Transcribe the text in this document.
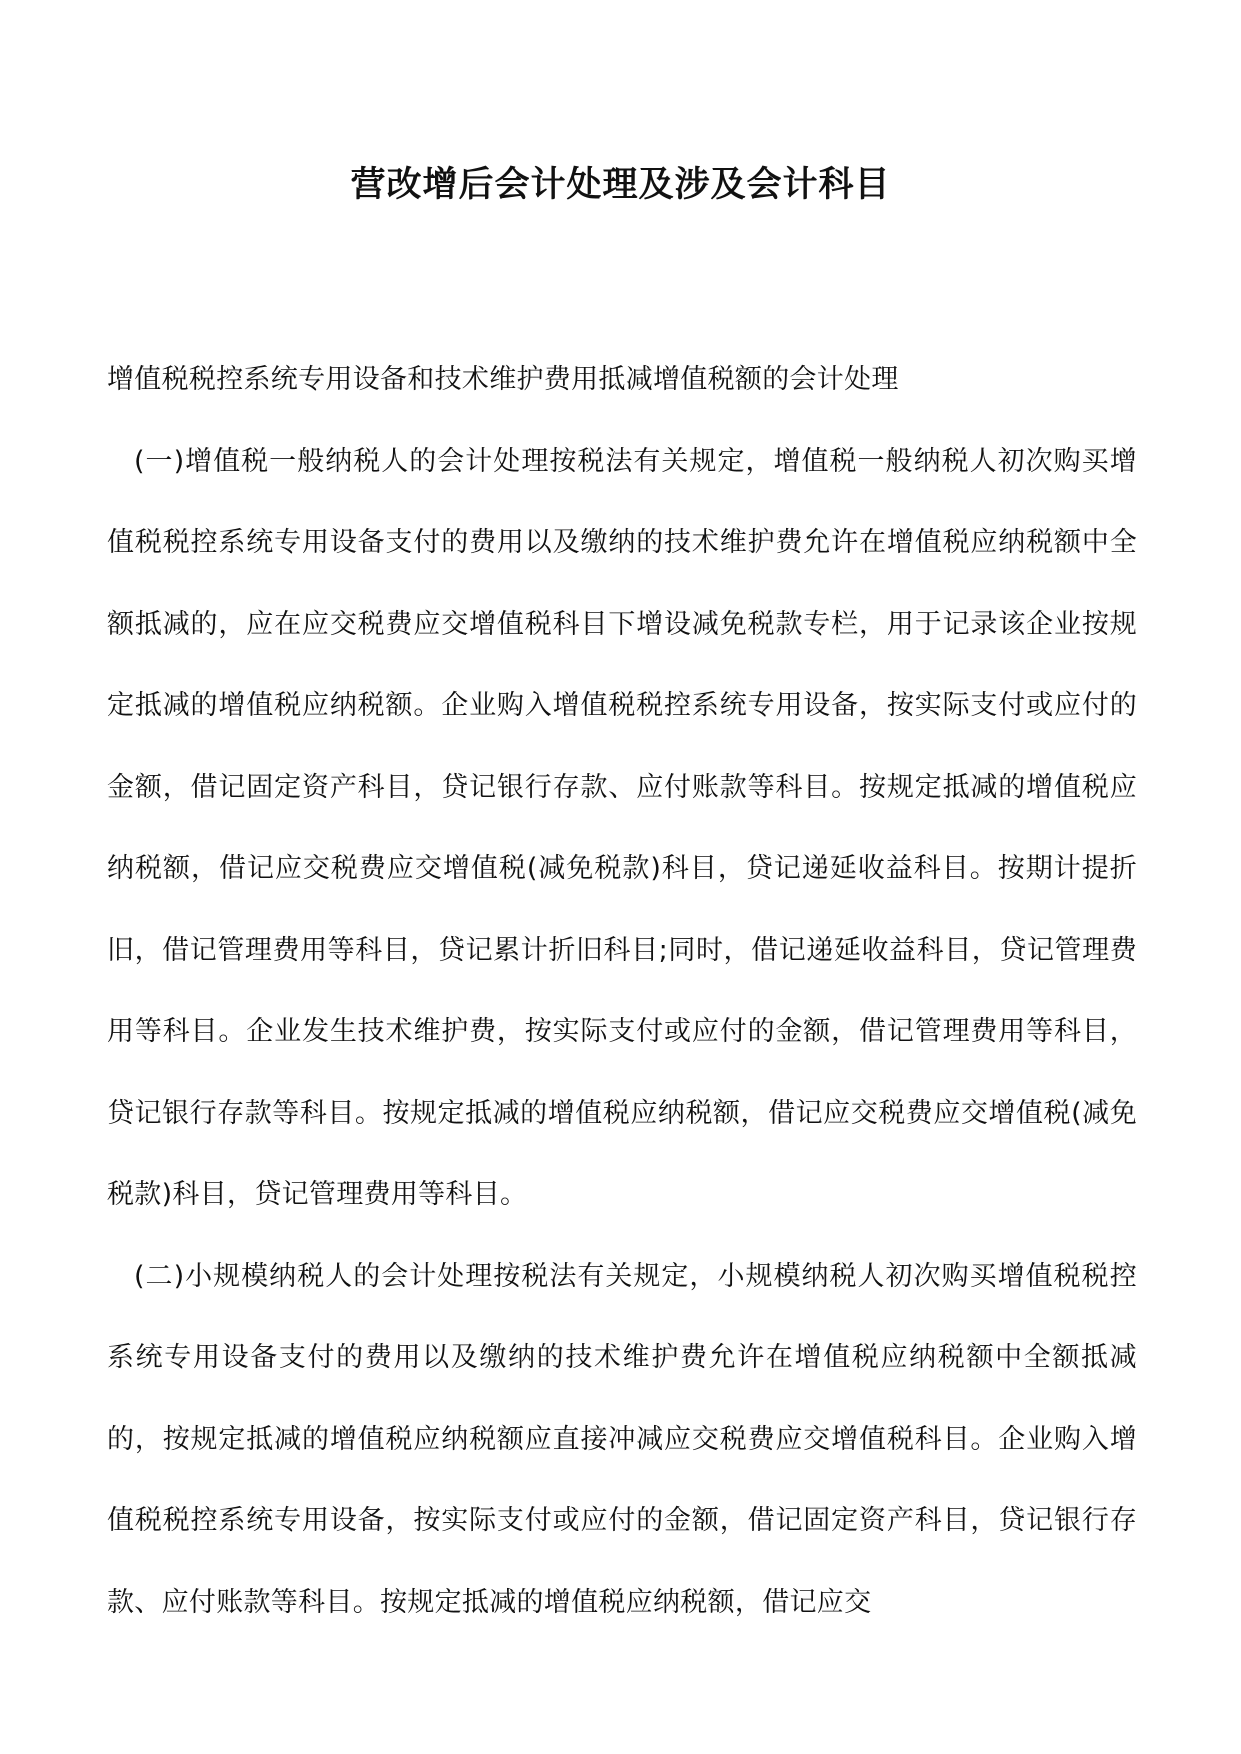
营改增后会计处理及涉及会计科目

增值税税控系统专用设备和技术维护费用抵减增值税额的会计处理

(一)增值税一般纳税人的会计处理按税法有关规定，增值税一般纳税人初次购买增值税税控系统专用设备支付的费用以及缴纳的技术维护费允许在增值税应纳税额中全额抵减的，应在应交税费应交增值税科目下增设减免税款专栏，用于记录该企业按规定抵减的增值税应纳税额。企业购入增值税税控系统专用设备，按实际支付或应付的金额，借记固定资产科目，贷记银行存款、应付账款等科目。按规定抵减的增值税应纳税额，借记应交税费应交增值税(减免税款)科目，贷记递延收益科目。按期计提折旧，借记管理费用等科目，贷记累计折旧科目;同时，借记递延收益科目，贷记管理费用等科目。企业发生技术维护费，按实际支付或应付的金额，借记管理费用等科目，贷记银行存款等科目。按规定抵减的增值税应纳税额，借记应交税费应交增值税(减免税款)科目，贷记管理费用等科目。

(二)小规模纳税人的会计处理按税法有关规定，小规模纳税人初次购买增值税税控系统专用设备支付的费用以及缴纳的技术维护费允许在增值税应纳税额中全额抵减的，按规定抵减的增值税应纳税额应直接冲减应交税费应交增值税科目。企业购入增值税税控系统专用设备，按实际支付或应付的金额，借记固定资产科目，贷记银行存款、应付账款等科目。按规定抵减的增值税应纳税额，借记应交
